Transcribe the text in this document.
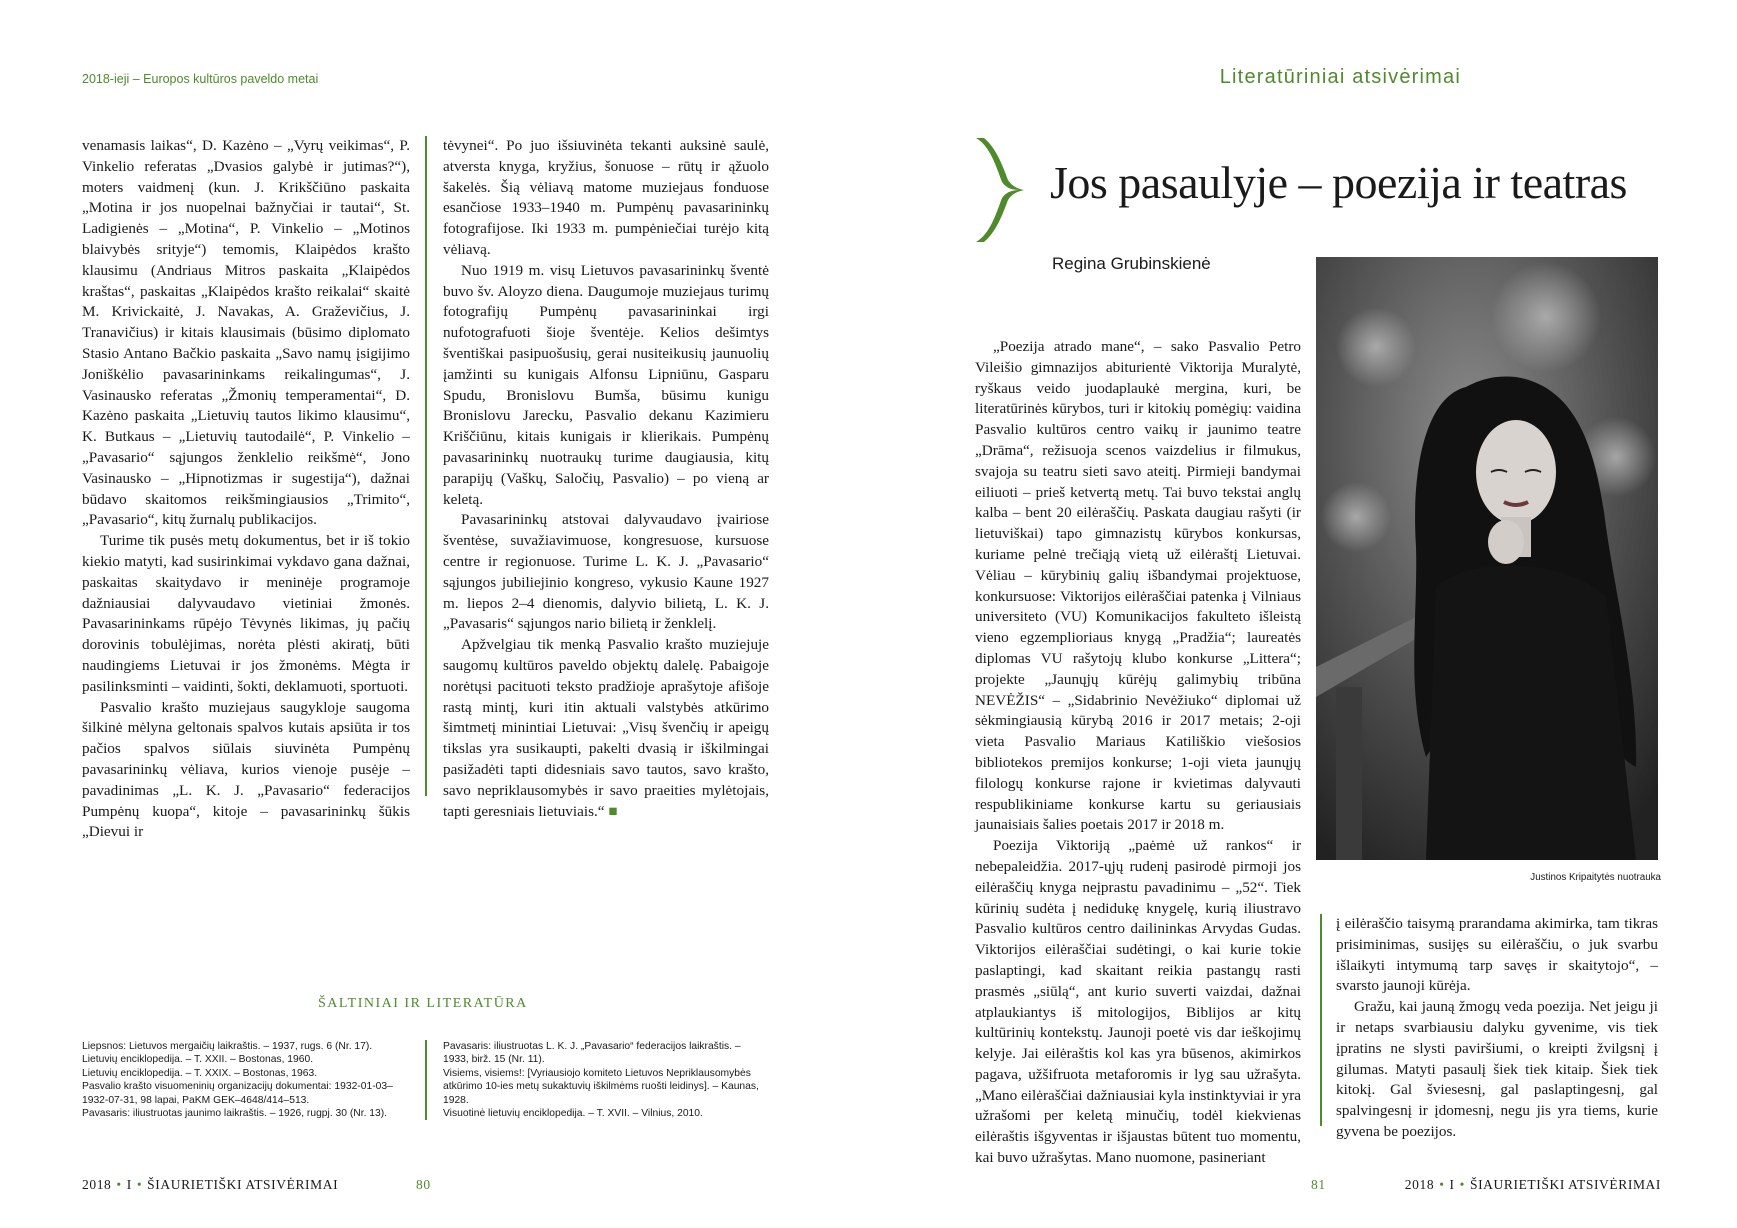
2018-ieji – Europos kultūros paveldo metai	Literatūriniai atsivėrimai

venamasis laikas“, D. Kazėno – „Vyrų veikimas“, P. Vinkelio referatas „Dvasios galybė ir jutimas?“), moters vaidmenį (kun. J. Krikščiūno paskaita „Motina ir jos nuopelnai bažnyčiai ir tautai“, St. Ladigienės – „Motina“, P. Vinkelio – „Motinos blaivybės srityje“) temomis, Klaipėdos krašto klausimu (Andriaus Mitros paskaita „Klaipėdos kraštas“, paskaitas „Klaipėdos krašto reikalai“ skaitė M. Krivickaitė, J. Navakas, A. Graževičius, J. Tranavičius) ir kitais klausimais (būsimo diplomato Stasio Antano Bačkio paskaita „Savo namų įsigijimo Joniškėlio pavasarininkams reikalingumas“, J. Vasinausko referatas „Žmonių temperamentai“, D. Kazėno paskaita „Lietuvių tautos likimo klausimu“, K. Butkaus – „Lietuvių tautodailė“, P. Vinkelio – „Pavasario“ sąjungos ženklelio reikšmė“, Jono Vasinausko – „Hipnotizmas ir sugestija“), dažnai būdavo skaitomos reikšmingiausios „Trimito“, „Pavasario“, kitų žurnalų publikacijos.

Turime tik pusės metų dokumentus, bet ir iš tokio kiekio matyti, kad susirinkimai vykdavo gana dažnai, paskaitas skaitydavo ir meninėje programoje dažniausiai dalyvaudavo vietiniai žmonės. Pavasarininkams rūpėjo Tėvynės likimas, jų pačių dorovinis tobulėjimas, norėta plėsti akiratį, būti naudingiems Lietuvai ir jos žmonėms. Mėgta ir pasilinksminti – vaidinti, šokti, deklamuoti, sportuoti.

Pasvalio krašto muziejaus saugykloje saugoma šilkinė mėlyna geltonais spalvos kutais apsiūta ir tos pačios spalvos siūlais siuvinėta Pumpėnų pavasarininkų vėliava, kurios vienoje pusėje – pavadinimas „L. K. J. „Pavasario“ federacijos Pumpėnų kuopa“, kitoje – pavasarininkų šūkis „Dievui ir

tėvynei“. Po juo išsiuvinėta tekanti auksinė saulė, atversta knyga, kryžius, šonuose – rūtų ir ąžuolo šakelės. Šią vėliavą matome muziejaus fonduose esančiose 1933–1940 m. Pumpėnų pavasarininkų fotografijose. Iki 1933 m. pumpėniečiai turėjo kitą vėliavą.

Nuo 1919 m. visų Lietuvos pavasarininkų šventė buvo šv. Aloyzo diena. Daugumoje muziejaus turimų fotografijų Pumpėnų pavasarininkai irgi nufotografuoti šioje šventėje. Kelios dešimtys šventiškai pasipuošusių, gerai nusiteikusių jaunuolių įamžinti su kunigais Alfonsu Lipniūnu, Gasparu Spudu, Bronislovu Bumša, būsimu kunigu Bronislovu Jarecku, Pasvalio dekanu Kazimieru Kriščiūnu, kitais kunigais ir klierikais. Pumpėnų pavasarininkų nuotraukų turime daugiausia, kitų parapijų (Vaškų, Saločių, Pasvalio) – po vieną ar keletą.

Pavasarininkų atstovai dalyvaudavo įvairiose šventėse, suvažiavimuose, kongresuose, kursuose centre ir regionuose. Turime L. K. J. „Pavasario“ sąjungos jubiliejinio kongreso, vykusio Kaune 1927 m. liepos 2–4 dienomis, dalyvio bilietą, L. K. J. „Pavasaris“ sąjungos nario bilietą ir ženklelį.

Apžvelgiau tik menką Pasvalio krašto muziejuje saugomų kultūros paveldo objektų dalelę. Pabaigoje norėtųsi pacituoti teksto pradžioje aprašytoje afišoje rastą mintį, kuri itin aktuali valstybės atkūrimo šimtmetį minintiai Lietuvai: „Visų švenčių ir apeigų tikslas yra susikaupti, pakelti dvasią ir iškilmingai pasižadėti tapti didesniais savo tautos, savo krašto, savo nepriklausomybės ir savo praeities mylėtojais, tapti geresniais lietuviais.“ ■

ŠALTINIAI IR LITERATŪRA
Liepsnos: Lietuvos mergaičių laikraštis. – 1937, rugs. 6 (Nr. 17).
Lietuvių enciklopedija. – T. XXII. – Bostonas, 1960.
Lietuvių enciklopedija. – T. XXIX. – Bostonas, 1963.
Pasvalio krašto visuomeninių organizacijų dokumentai: 1932-01-03–1932-07-31, 98 lapai, PaKM GEK–4648/414–513.
Pavasaris: iliustruotas jaunimo laikraštis. – 1926, rugpj. 30 (Nr. 13).
Pavasaris: iliustruotas L. K. J. „Pavasario“ federacijos laikraštis. – 1933, birž. 15 (Nr. 11).
Visiems, visiems!: [Vyriausiojo komiteto Lietuvos Nepriklausomybės atkūrimo 10-ies metų sukaktuvių iškilmėms ruošti leidinys]. – Kaunas, 1928.
Visuotinė lietuvių enciklopedija. – T. XVII. – Vilnius, 2010.
2018 • I • ŠIAURIETIŠKI ATSIVĖRIMAI	80
Jos pasaulyje – poezija ir teatras
Regina Grubinskienė

„Poezija atrado mane“, – sako Pasvalio Petro Vileišio gimnazijos abiturientė Viktorija Muralytė, ryškaus veido juodaplaukė mergina, kuri, be literatūrinės kūrybos, turi ir kitokių pomėgių: vaidina Pasvalio kultūros centro vaikų ir jaunimo teatre „Drāma“, režisuoja scenos vaizdelius ir filmukus, svajoja su teatru sieti savo ateitį. Pirmieji bandymai eiliuoti – prieš ketvertą metų. Tai buvo tekstai anglų kalba – bent 20 eilėraščių. Paskata daugiau rašyti (ir lietuviškai) tapo gimnazistų kūrybos konkursas, kuriame pelnė trečiąją vietą už eilėraštį Lietuvai. Vėliau – kūrybinių galių išbandymai projektuose, konkursuose: Viktorijos eilėraščiai patenka į Vilniaus universiteto (VU) Komunikacijos fakulteto išleistą vieno egzemplioriaus knygą „Pradžia“; laureatės diplomas VU rašytojų klubo konkurse „Littera“; projekte „Jaunųjų kūrėjų galimybių tribūna NEVĖŽIS“ – „Sidabrinio Nevėžiuko“ diplomai už sėkmingiausią kūrybą 2016 ir 2017 metais; 2-oji vieta Pasvalio Mariaus Katiliškio viešosios bibliotekos premijos konkurse; 1-oji vieta jaunųjų filologų konkurse rajone ir kvietimas dalyvauti respublikiniame konkurse kartu su geriausiais jaunaisiais šalies poetais 2017 ir 2018 m.

Poezija Viktoriją „paėmė už rankos“ ir nebepaleidžia. 2017-ųjų rudenį pasirodė pirmoji jos eilėraščių knyga neįprastu pavadinimu – „52“. Tiek kūrinių sudėta į nedidukę knygelę, kurią iliustravo Pasvalio kultūros centro dailininkas Arvydas Gudas. Viktorijos eilėraščiai sudėtingi, o kai kurie tokie paslaptingi, kad skaitant reikia pastangų rasti prasmės „siūlą“, ant kurio suverti vaizdai, dažnai atplaukiantys iš mitologijos, Biblijos ar kitų kultūrinių kontekstų. Jaunoji poetė vis dar ieškojimų kelyje. Jai eilėraštis kol kas yra būsenos, akimirkos pagava, užšifruota metaforomis ir lyg sau užrašyta. „Mano eilėraščiai dažniausiai kyla instinktyviai ir yra užrašomi per keletą minučių, todėl kiekvienas eilėraštis išgyventas ir išjaustas būtent tuo momentu, kai buvo užrašytas. Mano nuomone, pasineriant

Justinos Kripaitytės nuotrauka

į eilėraščio taisymą prarandama akimirka, tam tikras prisiminimas, susijęs su eilėraščiu, o juk svarbu išlaikyti intymumą tarp savęs ir skaitytojo“, – svarsto jaunoji kūrėja.

Gražu, kai jauną žmogų veda poezija. Net jeigu ji ir netaps svarbiausiu dalyku gyvenime, vis tiek įpratins ne slysti paviršiumi, o kreipti žvilgsnį į gilumas. Matyti pasaulį šiek tiek kitaip. Šiek tiek kitokį. Gal šviesesnį, gal paslaptingesnį, gal spalvingesnį ir įdomesnį, negu jis yra tiems, kurie gyvena be poezijos.

81	2018 • I • ŠIAURIETIŠKI ATSIVĖRIMAI
